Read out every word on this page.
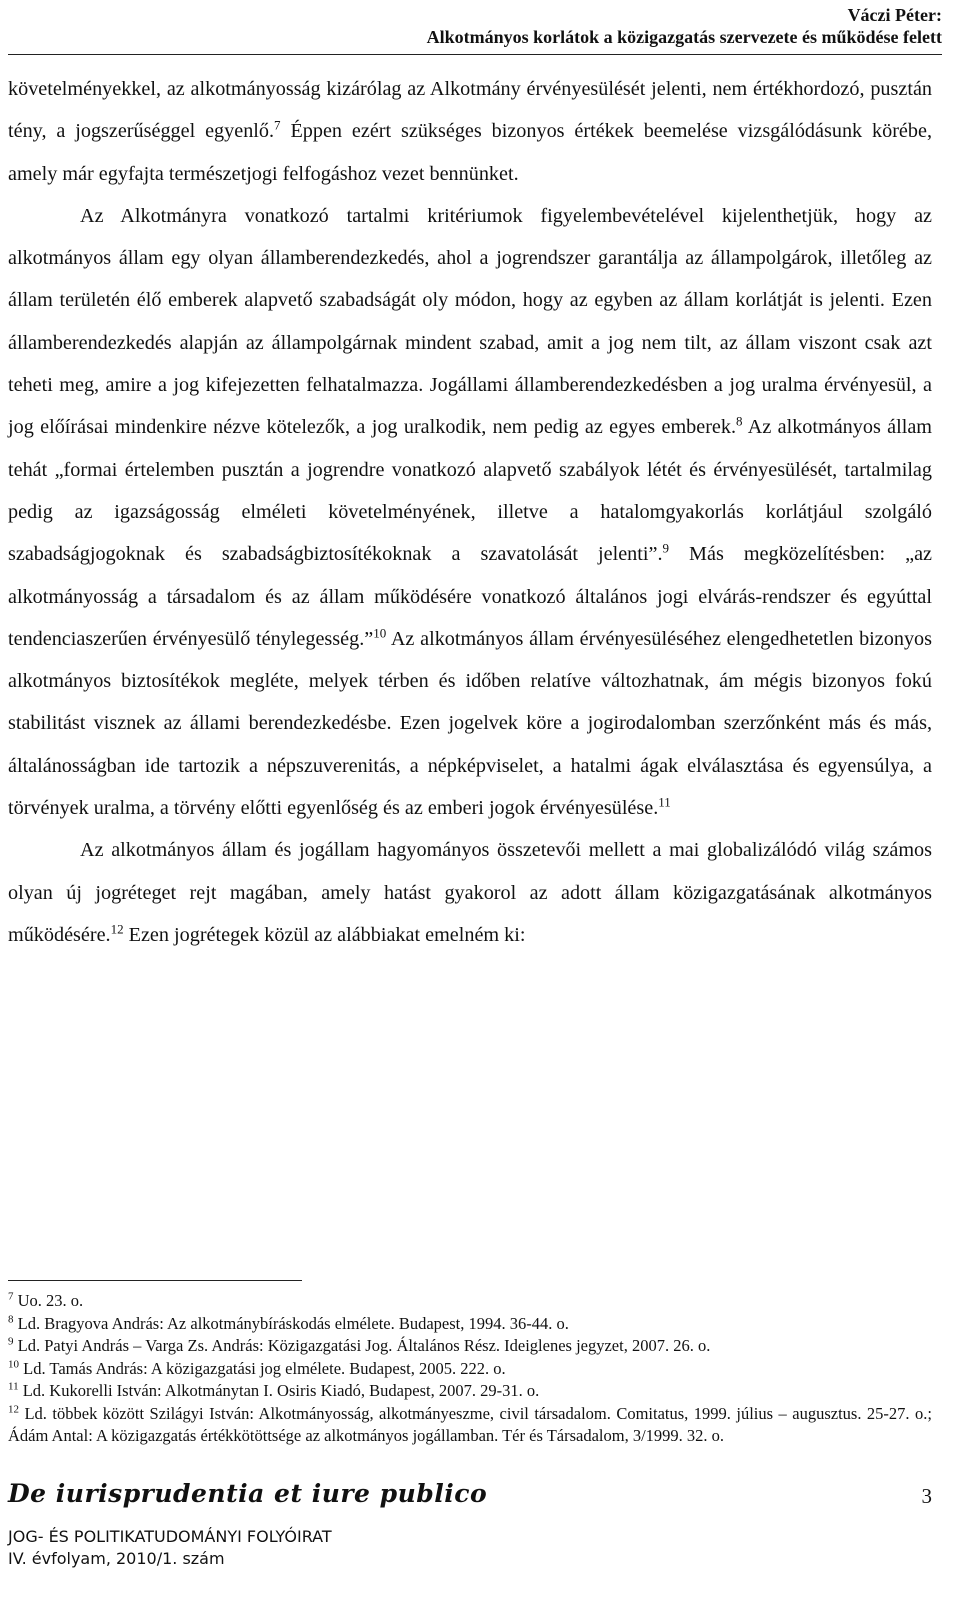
Váczi Péter:
Alkotmányos korlátok a közigazgatás szervezete és működése felett

követelményekkel, az alkotmányosság kizárólag az Alkotmány érvényesülését jelenti, nem értékhordozó, pusztán tény, a jogszerűséggel egyenlő.$^7$ Éppen ezért szükséges bizonyos értékek beemelése vizsgálódásunk körébe, amely már egyfajta természetjogi felfogáshoz vezet bennünket.

Az Alkotmányra vonatkozó tartalmi kritériumok figyelembevételével kijelenthetjük, hogy az alkotmányos állam egy olyan államberendezkedés, ahol a jogrendszer garantálja az állampolgárok, illetőleg az állam területén élő emberek alapvető szabadságát oly módon, hogy az egyben az állam korlátját is jelenti. Ezen államberendezkedés alapján az állampolgárnak mindent szabad, amit a jog nem tilt, az állam viszont csak azt teheti meg, amire a jog kifejezetten felhatalmazza. Jogállami államberendezkedésben a jog uralma érvényesül, a jog előírásai mindenkire nézve kötelezők, a jog uralkodik, nem pedig az egyes emberek.$^8$ Az alkotmányos állam tehát „formai értelemben pusztán a jogrendre vonatkozó alapvető szabályok létét és érvényesülését, tartalmilag pedig az igazságosság elméleti követelményének, illetve a hatalomgyakorlás korlátjául szolgáló szabadságjogoknak és szabadságbiztosítékoknak a szavatolását jelenti”.$^9$ Más megközelítésben: „az alkotmányosság a társadalom és az állam működésére vonatkozó általános jogi elvárás-rendszer és egyúttal tendenciaszerűen érvényesülő ténylegesség.”$^{10}$ Az alkotmányos állam érvényesüléséhez elengedhetetlen bizonyos alkotmányos biztosítékok megléte, melyek térben és időben relatíve változhatnak, ám mégis bizonyos fokú stabilitást visznek az állami berendezkedésbe. Ezen jogelvek köre a jogirodalomban szerzőnként más és más, általánosságban ide tartozik a népszuverenitás, a népképviselet, a hatalmi ágak elválasztása és egyensúlya, a törvények uralma, a törvény előtti egyenlőség és az emberi jogok érvényesülése.$^{11}$

Az alkotmányos állam és jogállam hagyományos összetevői mellett a mai globalizálódó világ számos olyan új jogréteget rejt magában, amely hatást gyakorol az adott állam közigazgatásának alkotmányos működésére.$^{12}$ Ezen jogrétegek közül az alábbiakat emelném ki:

$^7$ Uo. 23. o.

$^8$ Ld. Bragyova András: Az alkotmánybíráskodás elmélete. Budapest, 1994. 36-44. o.

$^9$ Ld. Patyi András – Varga Zs. András: Közigazgatási Jog. Általános Rész. Ideiglenes jegyzet, 2007. 26. o.

$^{10}$ Ld. Tamás András: A közigazgatási jog elmélete. Budapest, 2005. 222. o.

$^{11}$ Ld. Kukorelli István: Alkotmánytan I. Osiris Kiadó, Budapest, 2007. 29-31. o.

$^{12}$ Ld. többek között Szilágyi István: Alkotmányosság, alkotmányeszme, civil társadalom. Comitatus, 1999. július – augusztus. 25-27. o.; Ádám Antal: A közigazgatás értékkötöttsége az alkotmányos jogállamban. Tér és Társadalom, 3/1999. 32. o.

De iurisprudentia et iure publico	3
JOG- ÉS POLITIKATUDOMÁNYI FOLYÓIRAT
IV. évfolyam, 2010/1. szám
